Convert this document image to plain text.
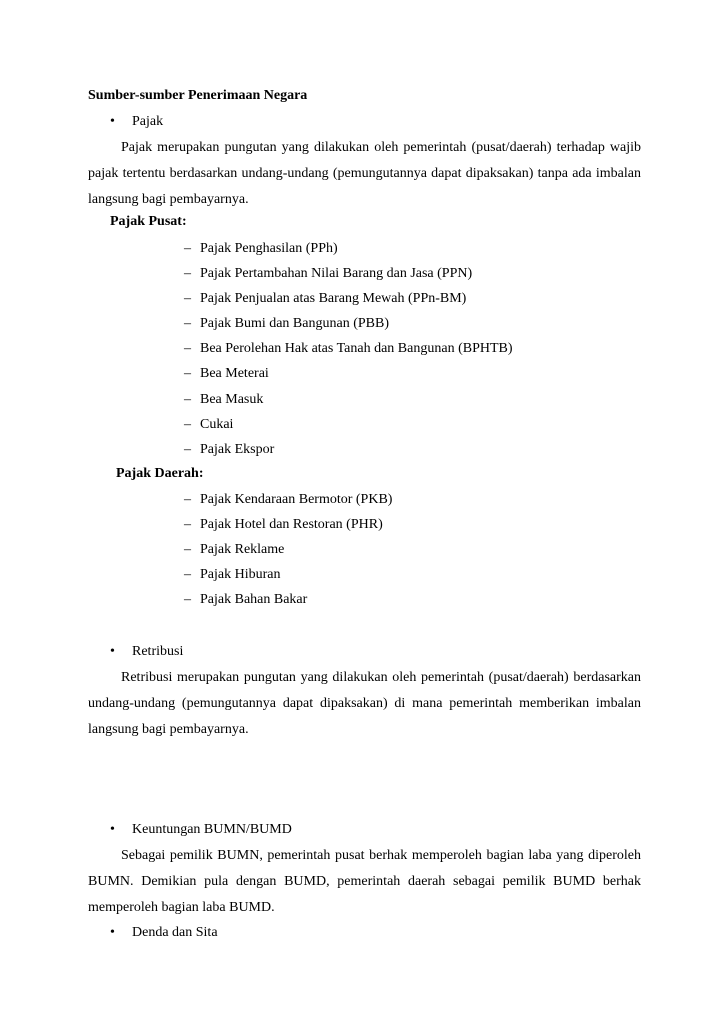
Sumber-sumber Penerimaan Negara
• Pajak
Pajak merupakan pungutan yang dilakukan oleh pemerintah (pusat/daerah) terhadap wajib pajak tertentu berdasarkan undang-undang (pemungutannya dapat dipaksakan) tanpa ada imbalan langsung bagi pembayarnya.
Pajak Pusat:
– Pajak Penghasilan (PPh)
– Pajak Pertambahan Nilai Barang dan Jasa (PPN)
– Pajak Penjualan atas Barang Mewah (PPn-BM)
– Pajak Bumi dan Bangunan (PBB)
– Bea Perolehan Hak atas Tanah dan Bangunan (BPHTB)
– Bea Meterai
– Bea Masuk
– Cukai
– Pajak Ekspor
Pajak Daerah:
– Pajak Kendaraan Bermotor (PKB)
– Pajak Hotel dan Restoran (PHR)
– Pajak Reklame
– Pajak Hiburan
– Pajak Bahan Bakar
• Retribusi
Retribusi merupakan pungutan yang dilakukan oleh pemerintah (pusat/daerah) berdasarkan undang-undang (pemungutannya dapat dipaksakan) di mana pemerintah memberikan imbalan langsung bagi pembayarnya.
• Keuntungan BUMN/BUMD
Sebagai pemilik BUMN, pemerintah pusat berhak memperoleh bagian laba yang diperoleh BUMN. Demikian pula dengan BUMD, pemerintah daerah sebagai pemilik BUMD berhak memperoleh bagian laba BUMD.
• Denda dan Sita
